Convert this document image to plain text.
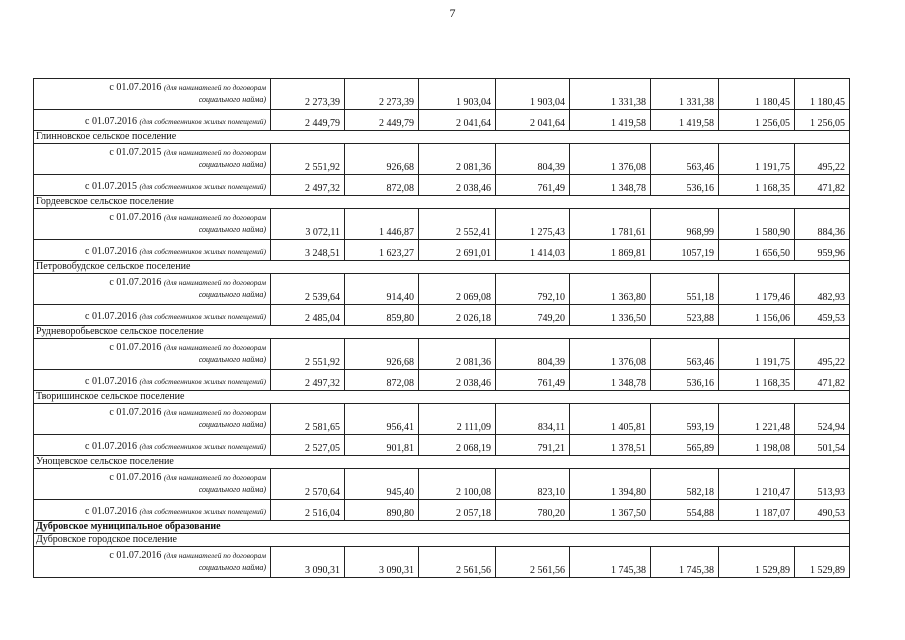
7
с 01.07.2016 (для нанимателей по договорам
социального найма)	2 273,39	2 273,39	1 903,04	1 903,04	1 331,38	1 331,38	1 180,45	1 180,45

с 01.07.2016 (для собственников жилых помещений)	2 449,79	2 449,79	2 041,64	2 041,64	1 419,58	1 419,58	1 256,05	1 256,05
Глинновское сельское поселение								

с 01.07.2015 (для нанимателей по договорам
социального найма)	2 551,92	926,68	2 081,36	804,39	1 376,08	563,46	1 191,75	495,22

с 01.07.2015 (для собственников жилых помещений)	2 497,32	872,08	2 038,46	761,49	1 348,78	536,16	1 168,35	471,82
Гордеевское сельское поселение								

с 01.07.2016 (для нанимателей по договорам
социального найма)	3 072,11	1 446,87	2 552,41	1 275,43	1 781,61	968,99	1 580,90	884,36

с 01.07.2016 (для собственников жилых помещений)	3 248,51	1 623,27	2 691,01	1 414,03	1 869,81	1057,19	1 656,50	959,96
Петровобудское сельское поселение								

с 01.07.2016 (для нанимателей по договорам
социального найма)	2 539,64	914,40	2 069,08	792,10	1 363,80	551,18	1 179,46	482,93

с 01.07.2016 (для собственников жилых помещений)	2 485,04	859,80	2 026,18	749,20	1 336,50	523,88	1 156,06	459,53
Рудневоробьевское сельское поселение								

с 01.07.2016 (для нанимателей по договорам
социального найма)	2 551,92	926,68	2 081,36	804,39	1 376,08	563,46	1 191,75	495,22

с 01.07.2016 (для собственников жилых помещений)	2 497,32	872,08	2 038,46	761,49	1 348,78	536,16	1 168,35	471,82
Творишинское сельское поселение								

с 01.07.2016 (для нанимателей по договорам
социального найма)	2 581,65	956,41	2 111,09	834,11	1 405,81	593,19	1 221,48	524,94

с 01.07.2016 (для собственников жилых помещений)	2 527,05	901,81	2 068,19	791,21	1 378,51	565,89	1 198,08	501,54
Унощевское сельское поселение								

с 01.07.2016 (для нанимателей по договорам
социального найма)	2 570,64	945,40	2 100,08	823,10	1 394,80	582,18	1 210,47	513,93

с 01.07.2016 (для собственников жилых помещений)	2 516,04	890,80	2 057,18	780,20	1 367,50	554,88	1 187,07	490,53
Дубровское муниципальное образование								
Дубровское городское поселение								

с 01.07.2016 (для нанимателей по договорам
социального найма)	3 090,31	3 090,31	2 561,56	2 561,56	1 745,38	1 745,38	1 529,89	1 529,89
